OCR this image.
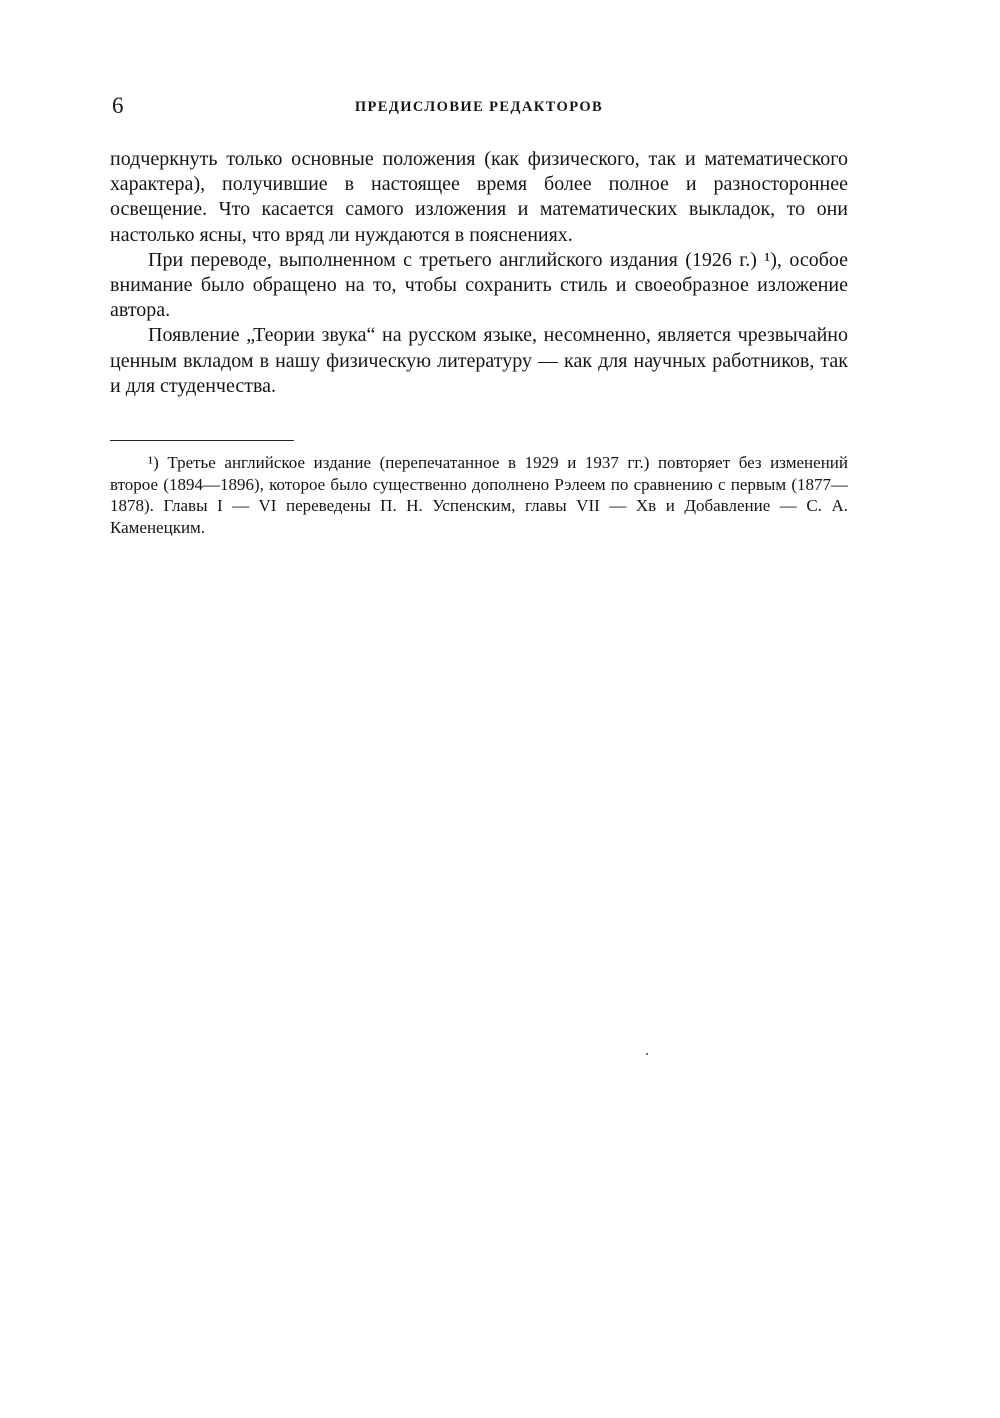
6	ПРЕДИСЛОВИЕ РЕДАКТОРОВ

подчеркнуть только основные положения (как физического, так и математического характера), получившие в настоящее время более полное и разностороннее освещение. Что касается самого изложения и математических выкладок, то они настолько ясны, что вряд ли нуждаются в пояснениях.

При переводе, выполненном с третьего английского издания (1926 г.) ¹), особое внимание было обращено на то, чтобы сохранить стиль и своеобразное изложение автора.

Появление „Теории звука“ на русском языке, несомненно, является чрезвычайно ценным вкладом в нашу физическую литературу — как для научных работников, так и для студенчества.

¹) Третье английское издание (перепечатанное в 1929 и 1937 гг.) повторяет без изменений второе (1894—1896), которое было существенно дополнено Рэлеем по сравнению с первым (1877—1878). Главы I — VI переведены П. Н. Успенским, главы VII — Хв и Добавление — С. А. Каменецким.
